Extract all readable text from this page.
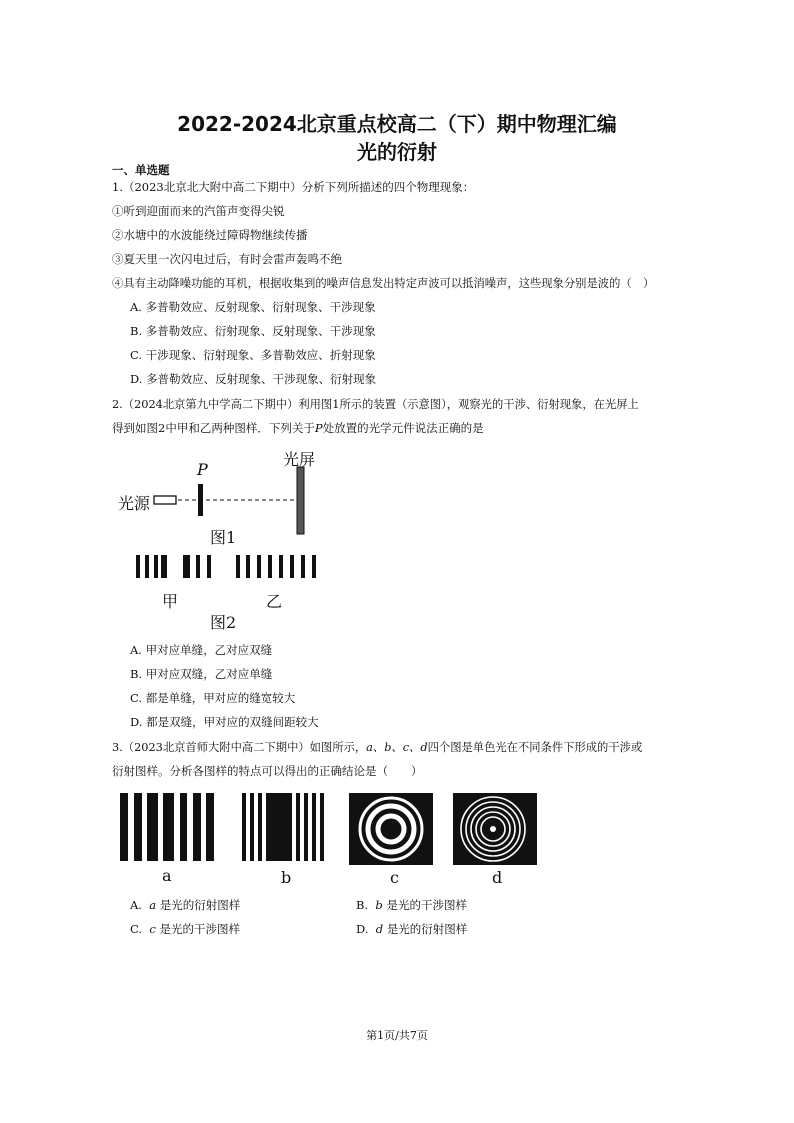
2022-2024北京重点校高二（下）期中物理汇编
光的衍射
一、单选题
1.（2023北京北大附中高二下期中）分析下列所描述的四个物理现象：
①听到迎面而来的汽笛声变得尖锐
②水塘中的水波能绕过障碍物继续传播
③夏天里一次闪电过后，有时会雷声轰鸣不绝
④具有主动降噪功能的耳机，根据收集到的噪声信息发出特定声波可以抵消噪声，这些现象分别是波的（　）
A. 多普勒效应、反射现象、衍射现象、干涉现象
B. 多普勒效应、衍射现象、反射现象、干涉现象
C. 干涉现象、衍射现象、多普勒效应、折射现象
D. 多普勒效应、反射现象、干涉现象、衍射现象
2.（2024北京第九中学高二下期中）利用图1所示的装置（示意图），观察光的干涉、衍射现象，在光屏上
得到如图2中甲和乙两种图样．下列关于P处放置的光学元件说法正确的是
光源
P
光屏
图1
甲	乙
图2
A. 甲对应单缝，乙对应双缝
B. 甲对应双缝，乙对应单缝
C. 都是单缝，甲对应的缝宽较大
D. 都是双缝，甲对应的双缝间距较大
3.（2023北京首师大附中高二下期中）如图所示，a、b、c、d四个图是单色光在不同条件下形成的干涉或
衍射图样。分析各图样的特点可以得出的正确结论是（　　）
a	b	c	d
A. a 是光的衍射图样	B. b 是光的干涉图样
C. c 是光的干涉图样	D. d 是光的衍射图样
第1页/共7页
